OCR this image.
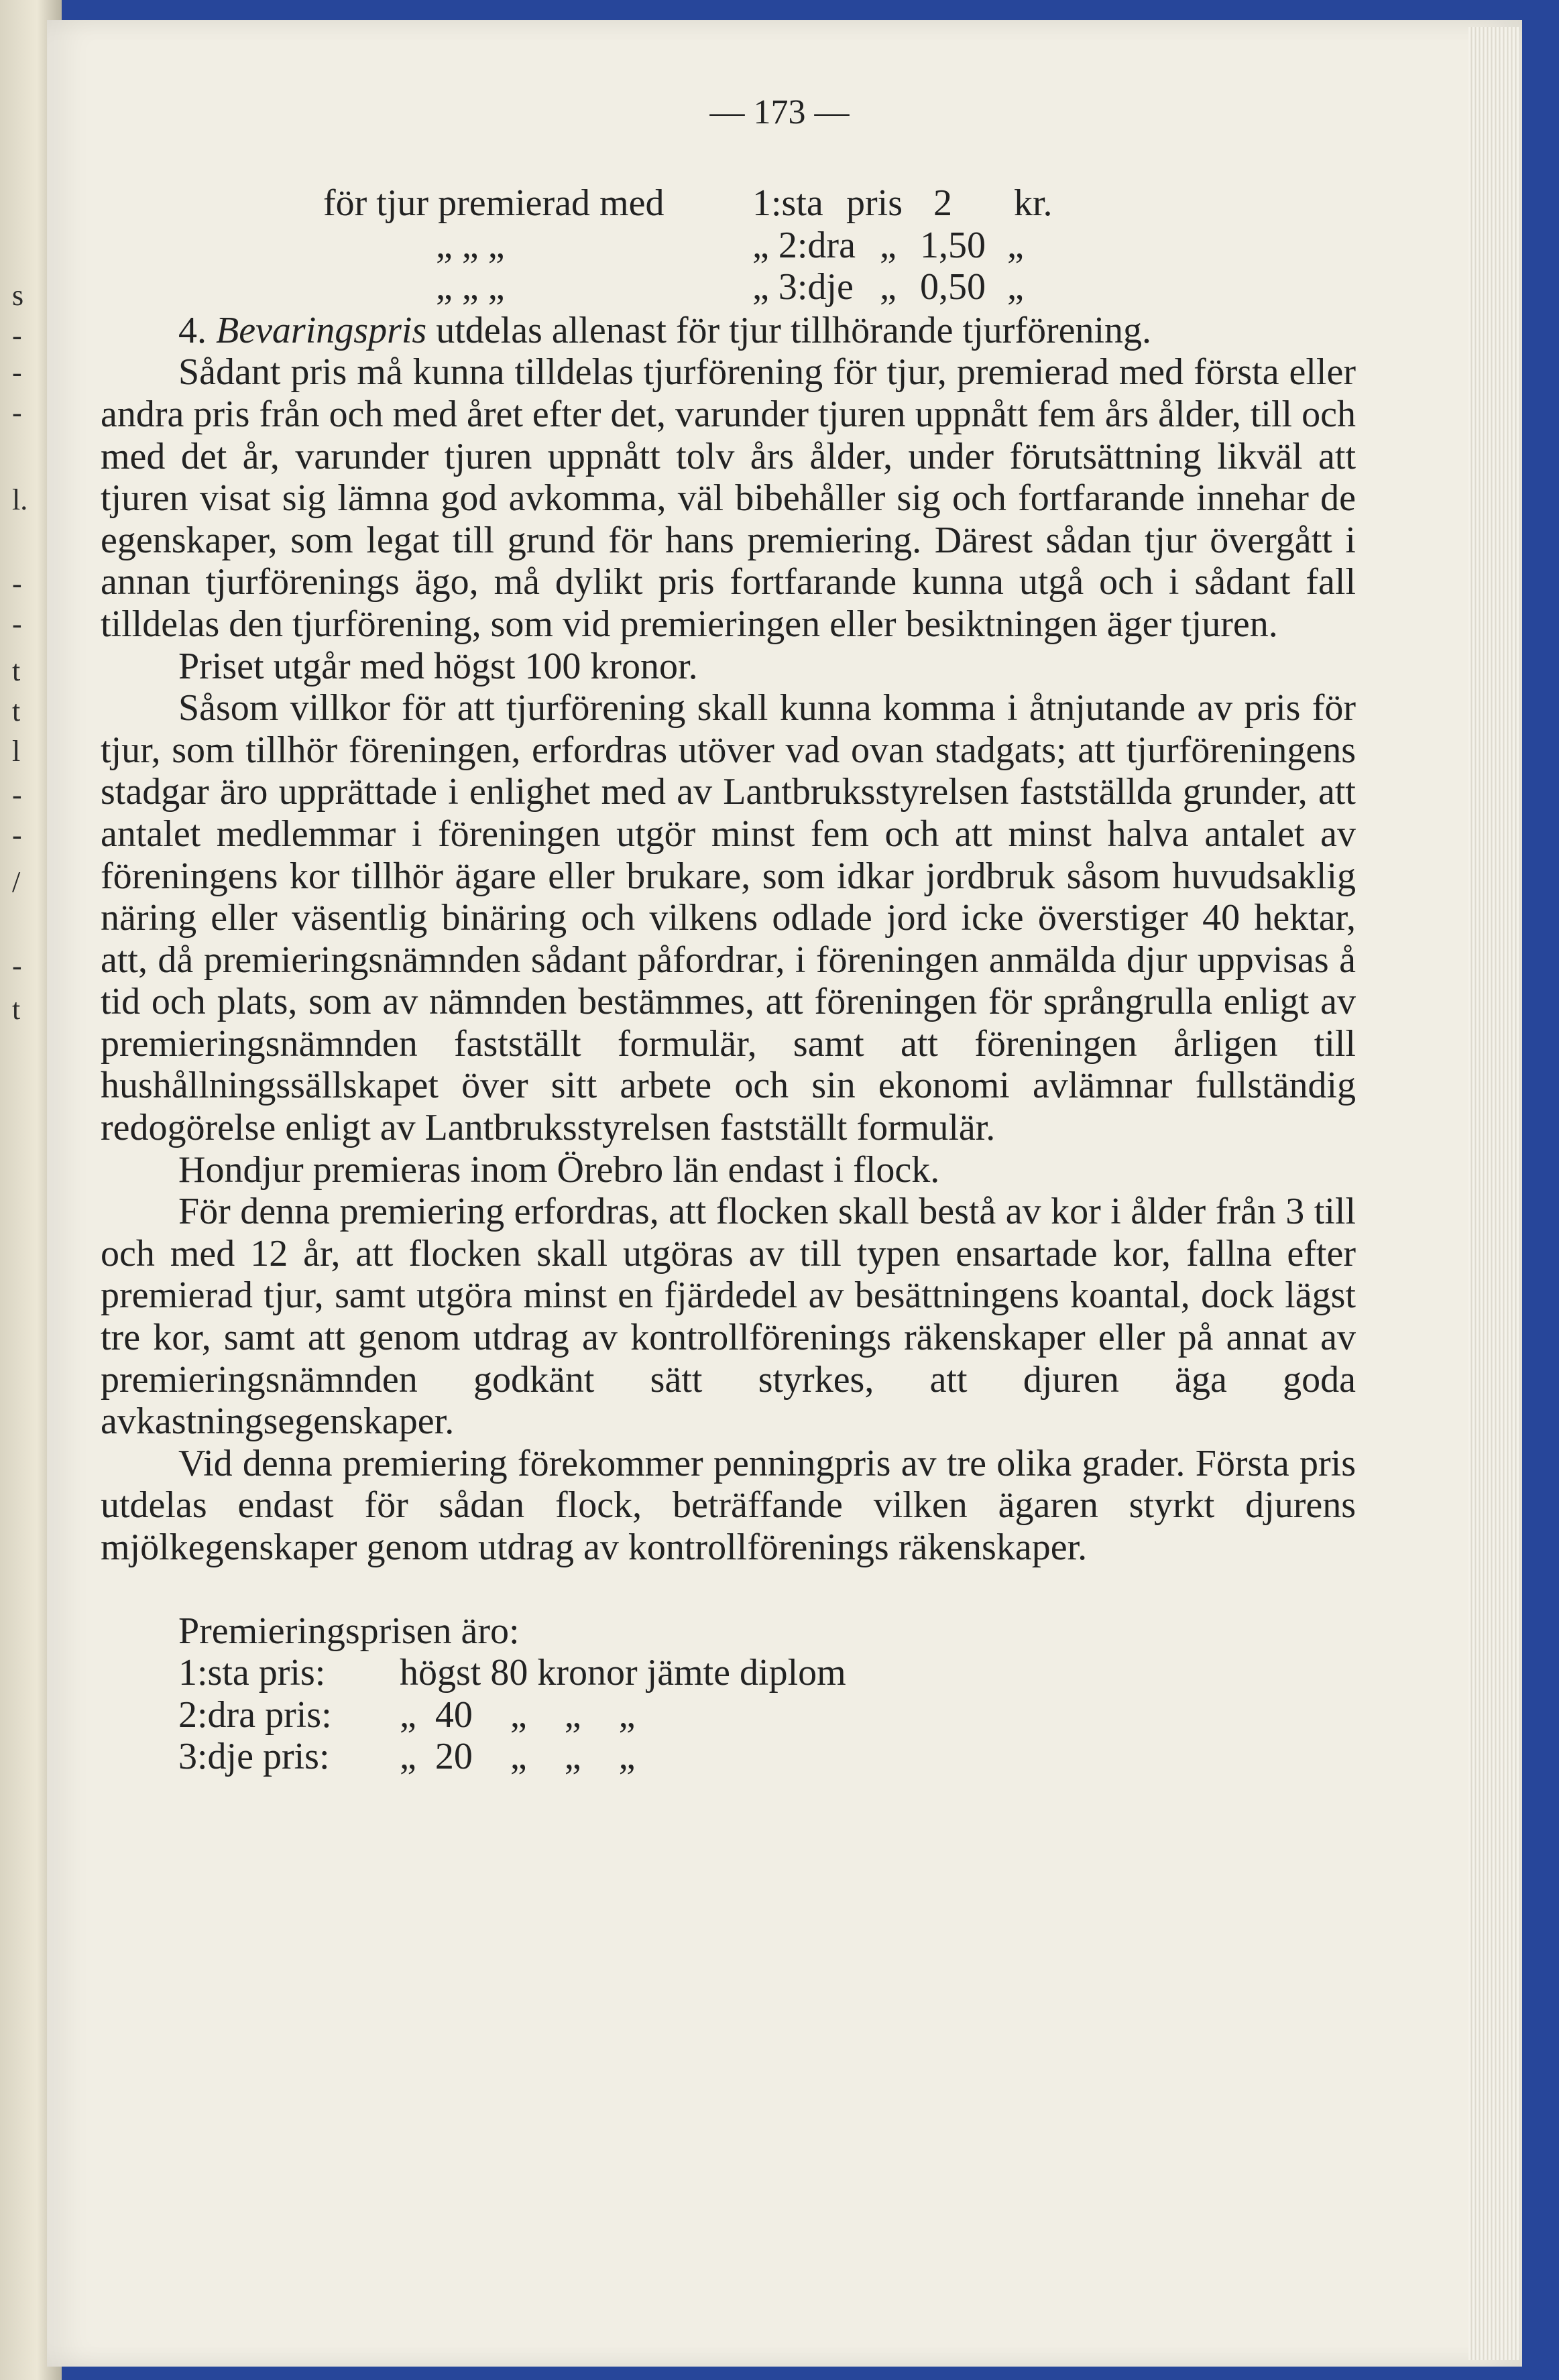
s
-
-
-
l.
-
-
t
t
l
-
-
/
-
t
— 173 —
för tjur premierad med	1:sta pris 2	kr.
„ „ „	„ 2:dra „ 1,50 „
„ „ „	„ 3:dje „ 0,50 „

4. Bevaringspris utdelas allenast för tjur tillhörande tjurförening.

Sådant pris må kunna tilldelas tjurförening för tjur, premierad med första eller andra pris från och med året efter det, varunder tjuren uppnått fem års ålder, till och med det år, varunder tjuren uppnått tolv års ålder, under förutsättning likväl att tjuren visat sig lämna god avkomma, väl bibehåller sig och fortfarande innehar de egenskaper, som legat till grund för hans premiering. Därest sådan tjur övergått i annan tjurförenings ägo, må dylikt pris fortfarande kunna utgå och i sådant fall tilldelas den tjurförening, som vid premieringen eller besiktningen äger tjuren.

Priset utgår med högst 100 kronor.

Såsom villkor för att tjurförening skall kunna komma i åtnjutande av pris för tjur, som tillhör föreningen, erfordras utöver vad ovan stadgats; att tjurföreningens stadgar äro upprättade i enlighet med av Lantbruksstyrelsen fastställda grunder, att antalet medlemmar i föreningen utgör minst fem och att minst halva antalet av föreningens kor tillhör ägare eller brukare, som idkar jordbruk såsom huvudsaklig näring eller väsentlig binäring och vilkens odlade jord icke överstiger 40 hektar, att, då premieringsnämnden sådant påfordrar, i föreningen anmälda djur uppvisas å tid och plats, som av nämnden bestämmes, att föreningen för språngrulla enligt av premieringsnämnden fastställt formulär, samt att föreningen årligen till hushållningssällskapet över sitt arbete och sin ekonomi avlämnar fullständig redogörelse enligt av Lantbruksstyrelsen fastställt formulär.

Hondjur premieras inom Örebro län endast i flock.

För denna premiering erfordras, att flocken skall bestå av kor i ålder från 3 till och med 12 år, att flocken skall utgöras av till typen ensartade kor, fallna efter premierad tjur, samt utgöra minst en fjärdedel av besättningens koantal, dock lägst tre kor, samt att genom utdrag av kontrollförenings räkenskaper eller på annat av premieringsnämnden godkänt sätt styrkes, att djuren äga goda avkastningsegenskaper.

Vid denna premiering förekommer penningpris av tre olika grader. Första pris utdelas endast för sådan flock, beträffande vilken ägaren styrkt djurens mjölkegenskaper genom utdrag av kontrollförenings räkenskaper.

Premieringsprisen äro:
1:sta pris:	högst 80 kronor jämte diplom
2:dra pris:	„  40    „    „    „
3:dje pris:	„  20    „    „    „
